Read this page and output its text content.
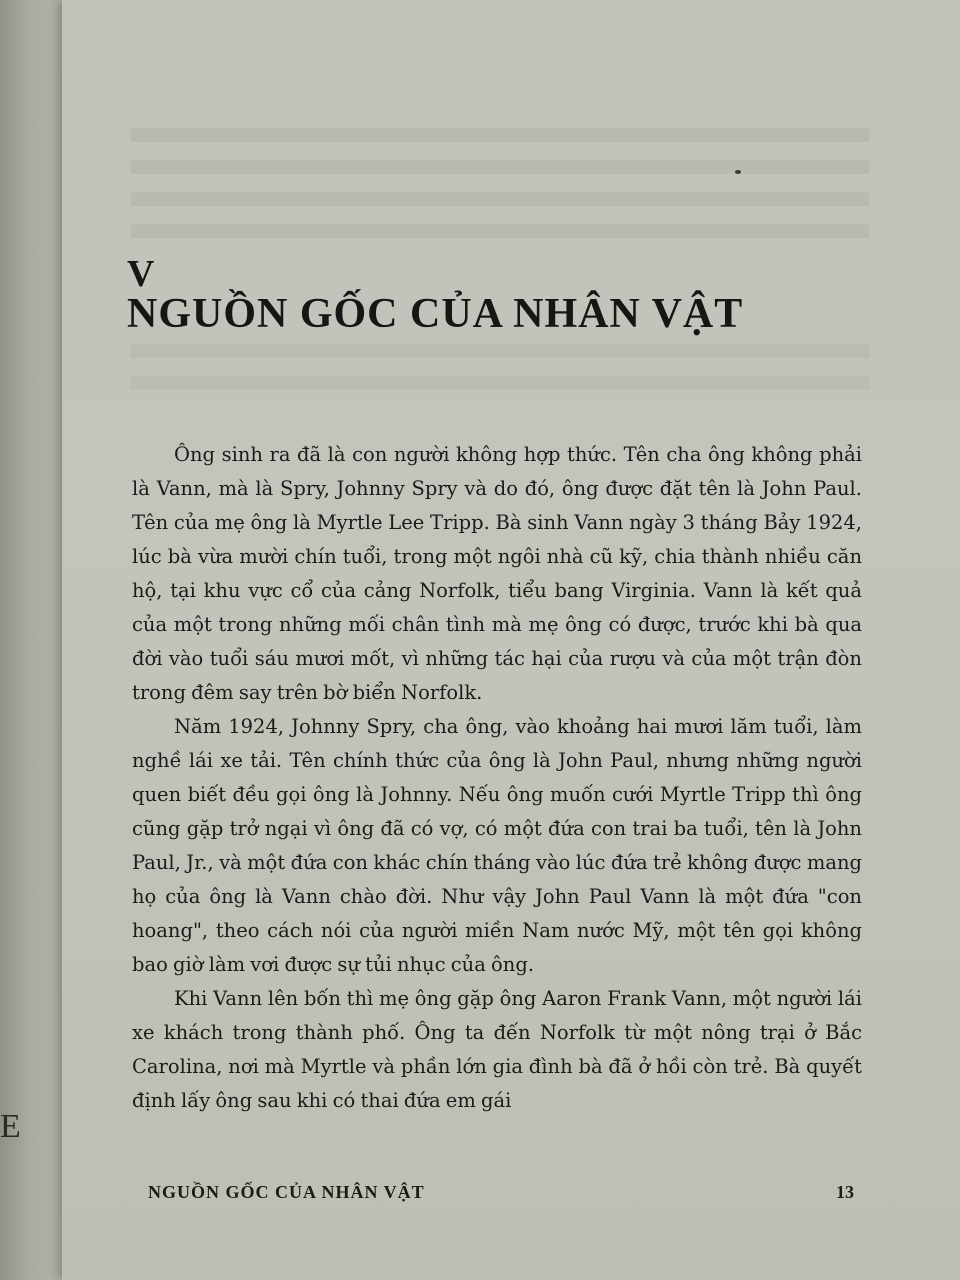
E
V
NGUỒN GỐC CỦA NHÂN VẬT

Ông sinh ra đã là con người không hợp thức. Tên cha ông không phải là Vann, mà là Spry, Johnny Spry và do đó, ông được đặt tên là John Paul. Tên của mẹ ông là Myrtle Lee Tripp. Bà sinh Vann ngày 3 tháng Bảy 1924, lúc bà vừa mười chín tuổi, trong một ngôi nhà cũ kỹ, chia thành nhiều căn hộ, tại khu vực cổ của cảng Norfolk, tiểu bang Virginia. Vann là kết quả của một trong những mối chân tình mà mẹ ông có được, trước khi bà qua đời vào tuổi sáu mươi mốt, vì những tác hại của rượu và của một trận đòn trong đêm say trên bờ biển Norfolk.

Năm 1924, Johnny Spry, cha ông, vào khoảng hai mươi lăm tuổi, làm nghề lái xe tải. Tên chính thức của ông là John Paul, nhưng những người quen biết đều gọi ông là Johnny. Nếu ông muốn cưới Myrtle Tripp thì ông cũng gặp trở ngại vì ông đã có vợ, có một đứa con trai ba tuổi, tên là John Paul, Jr., và một đứa con khác chín tháng vào lúc đứa trẻ không được mang họ của ông là Vann chào đời. Như vậy John Paul Vann là một đứa "con hoang", theo cách nói của người miền Nam nước Mỹ, một tên gọi không bao giờ làm vơi được sự tủi nhục của ông.

Khi Vann lên bốn thì mẹ ông gặp ông Aaron Frank Vann, một người lái xe khách trong thành phố. Ông ta đến Norfolk từ một nông trại ở Bắc Carolina, nơi mà Myrtle và phần lớn gia đình bà đã ở hồi còn trẻ. Bà quyết định lấy ông sau khi có thai đứa em gái

NGUỒN GỐC CỦA NHÂN VẬT	13
